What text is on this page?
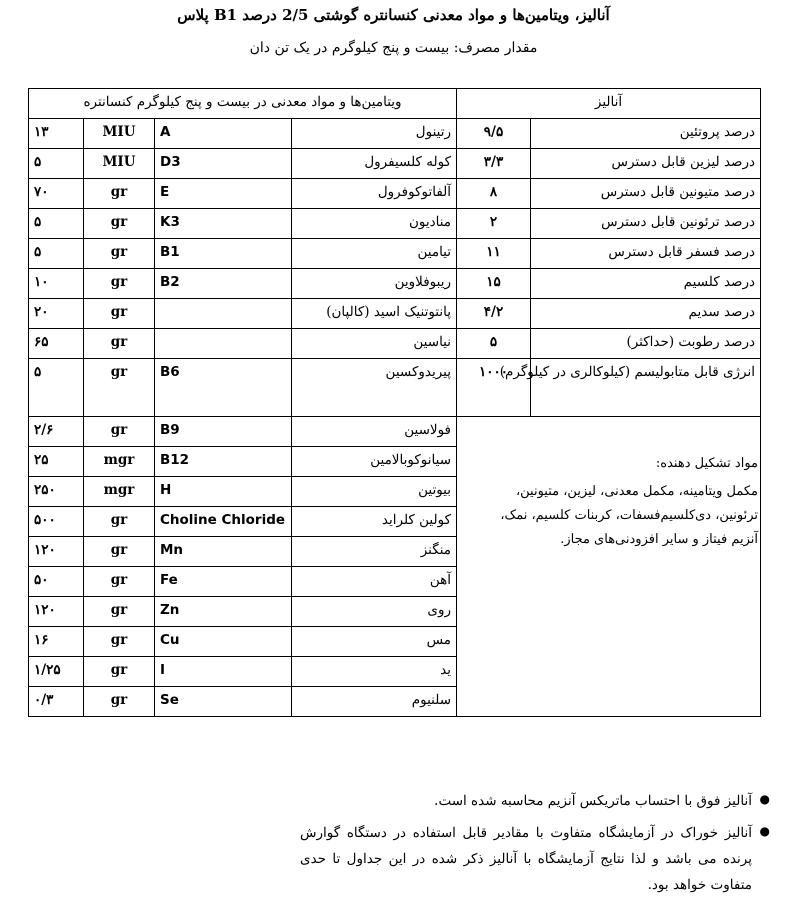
آنالیز، ویتامین‌ها و مواد معدنی کنسانتره گوشتی 2/5 درصد B1 پلاس
مقدار مصرف: بیست و پنج کیلوگرم در یک تن دان
ویتامین‌ها و مواد معدنی در بیست و پنج کیلوگرم کنسانتره				آنالیز	
۱۳	MIU	A	رتینول	۹/۵	درصد پروتئین
۵	MIU	D3	کوله کلسیفرول	۳/۳	درصد لیزین قابل دسترس
۷۰	gr	E	آلفاتوکوفرول	۸	درصد متیونین قابل دسترس
۵	gr	K3	منادیون	۲	درصد ترئونین قابل دسترس
۵	gr	B1	تیامین	۱۱	درصد فسفر قابل دسترس
۱۰	gr	B2	ریبوفلاوین	۱۵	درصد کلسیم
۲۰	gr		پانتوتنیک اسید (کالپان)	۴/۲	درصد سدیم
۶۵	gr		نیاسین	۵	درصد رطوبت (حداکثر)
۵	gr	B6	پیریدوکسین	۱۰۰۰	انرژی قابل متابولیسم (کیلوکالری در کیلوگرم)
۲/۶	gr	B9	فولاسین		
۲۵	mgr	B12	سیانوکوبالامین		
۲۵۰	mgr	H	بیوتین		
۵۰۰	gr	Choline Chloride	کولین کلراید		
۱۲۰	gr	Mn	منگنز		
۵۰	gr	Fe	آهن		
۱۲۰	gr	Zn	روی		
۱۶	gr	Cu	مس		
۱/۲۵	gr	I	ید		
۰/۳	gr	Se	سلنیوم		
مواد تشکیل دهنده:
مکمل ویتامینه، مکمل معدنی، لیزین، متیونین، ترئونین، دی‌کلسیم‌فسفات، کربنات کلسیم، نمک، آنزیم فیتاز و سایر افزودنی‌های مجاز.
●
آنالیز فوق با احتساب ماتریکس آنزیم محاسبه شده است.
●
آنالیز خوراک در آزمایشگاه متفاوت با مقادیر قابل استفاده در دستگاه گوارش پرنده می باشد و لذا نتایج آزمایشگاه با آنالیز ذکر شده در این جداول تا حدی متفاوت خواهد بود.
